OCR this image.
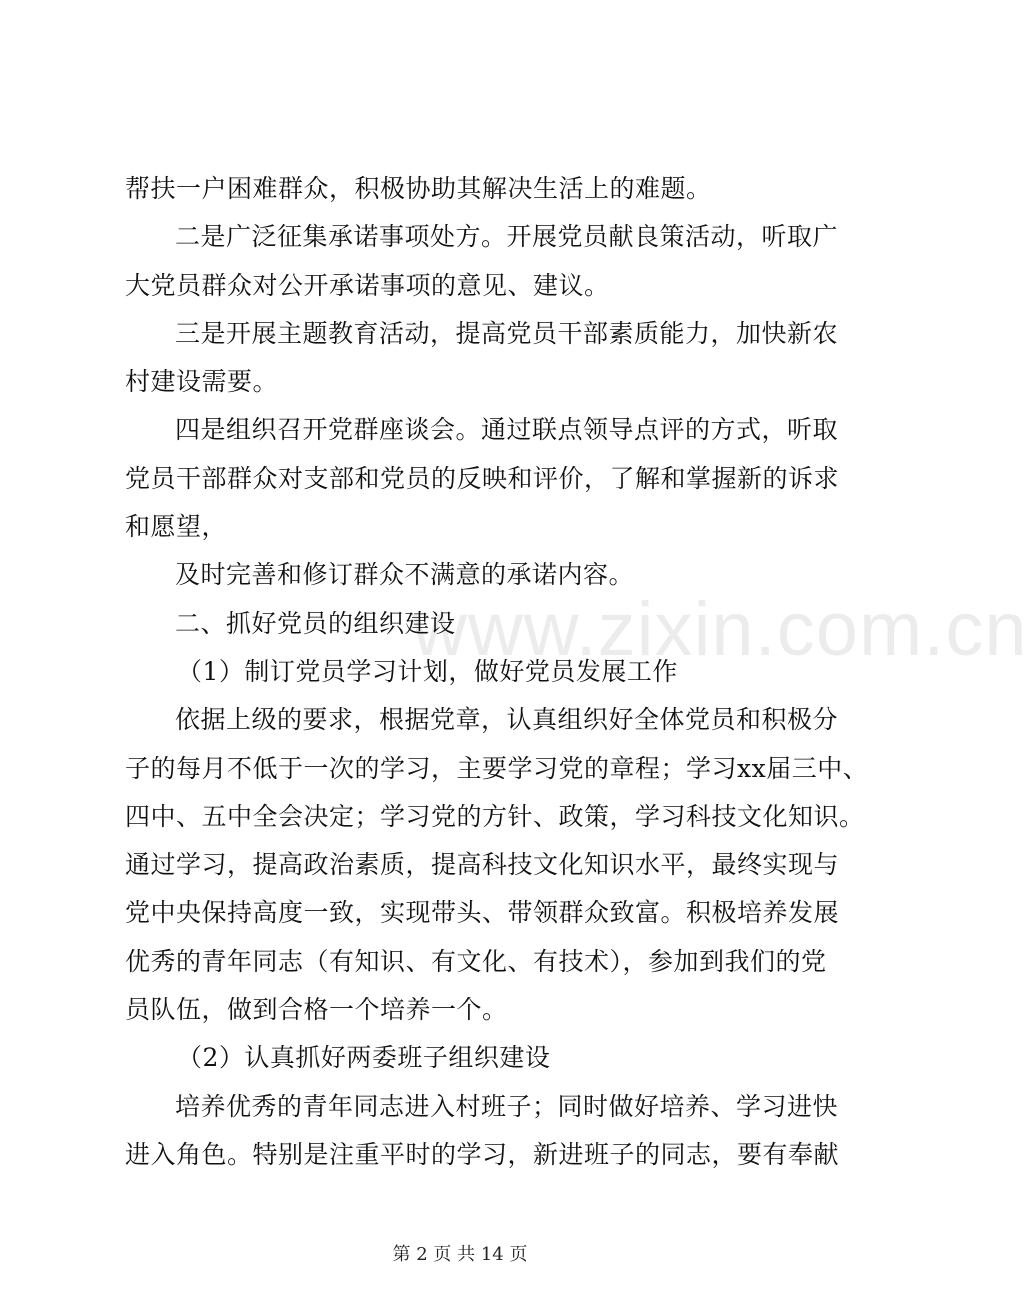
www.zixin.com.cn
帮扶一户困难群众，积极协助其解决生活上的难题。
二是广泛征集承诺事项处方。开展党员献良策活动，听取广
大党员群众对公开承诺事项的意见、建议。
三是开展主题教育活动，提高党员干部素质能力，加快新农
村建设需要。
四是组织召开党群座谈会。通过联点领导点评的方式，听取
党员干部群众对支部和党员的反映和评价，了解和掌握新的诉求
和愿望，
及时完善和修订群众不满意的承诺内容。
二、抓好党员的组织建设
（1）制订党员学习计划，做好党员发展工作
依据上级的要求，根据党章，认真组织好全体党员和积极分
子的每月不低于一次的学习，主要学习党的章程；学习xx届三中、
四中、五中全会决定；学习党的方针、政策，学习科技文化知识。
通过学习，提高政治素质，提高科技文化知识水平，最终实现与
党中央保持高度一致，实现带头、带领群众致富。积极培养发展
优秀的青年同志（有知识、有文化、有技术），参加到我们的党
员队伍，做到合格一个培养一个。
（2）认真抓好两委班子组织建设
培养优秀的青年同志进入村班子；同时做好培养、学习进快
进入角色。特别是注重平时的学习，新进班子的同志，要有奉献
第 2 页 共 14 页
